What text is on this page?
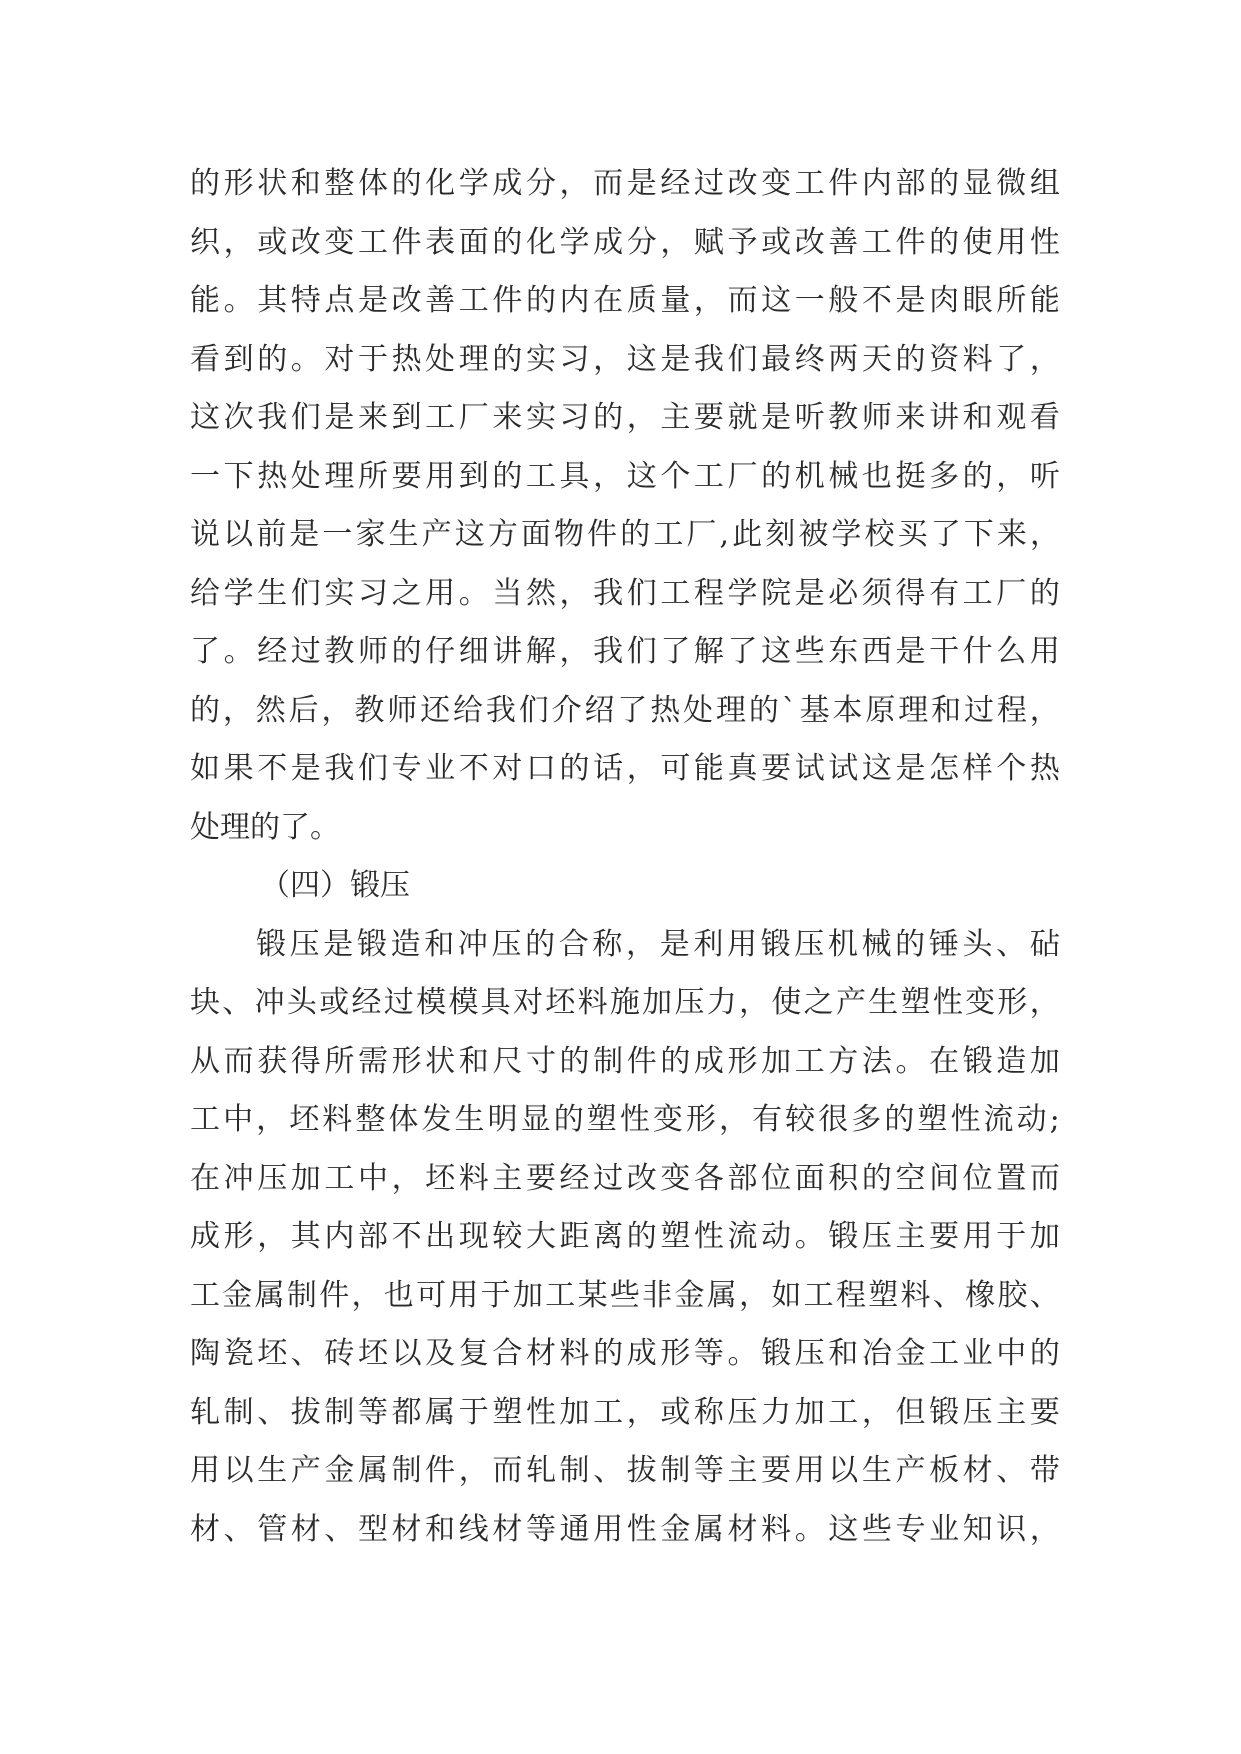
的 形 状 和 整 体 的 化 学 成 分 ， 而 是 经 过 改 变 工 件 内 部 的 显 微 组
织 ， 或 改 变 工 件 表 面 的 化 学 成 分 ， 赋 予 或 改 善 工 件 的 使 用 性
能 。 其 特 点 是 改 善 工 件 的 内 在 质 量 ， 而 这 一 般 不 是 肉 眼 所 能
看 到 的 。 对 于 热 处 理 的 实 习 ， 这 是 我 们 最 终 两 天 的 资 料 了 ，
这 次 我 们 是 来 到 工 厂 来 实 习 的 ， 主 要 就 是 听 教 师 来 讲 和 观 看
一 下 热 处 理 所 要 用 到 的 工 具 ， 这 个 工 厂 的 机 械 也 挺 多 的 ， 听
说 以 前 是 一 家 生 产 这 方 面 物 件 的 工 厂 , 此 刻 被 学 校 买 了 下 来 ，
给 学 生 们 实 习 之 用 。 当 然 ， 我 们 工 程 学 院 是 必 须 得 有 工 厂 的
了 。 经 过 教 师 的 仔 细 讲 解 ， 我 们 了 解 了 这 些 东 西 是 干 什 么 用
的 ， 然 后 ， 教 师 还 给 我 们 介 绍 了 热 处 理 的 ` 基 本 原 理 和 过 程 ，
如 果 不 是 我 们 专 业 不 对 口 的 话 ， 可 能 真 要 试 试 这 是 怎 样 个 热
处 理 的 了 。
（ 四 ） 锻 压
锻 压 是 锻 造 和 冲 压 的 合 称 ， 是 利 用 锻 压 机 械 的 锤 头 、 砧
块 、 冲 头 或 经 过 模 模 具 对 坯 料 施 加 压 力 ， 使 之 产 生 塑 性 变 形 ，
从 而 获 得 所 需 形 状 和 尺 寸 的 制 件 的 成 形 加 工 方 法 。 在 锻 造 加
工 中 ， 坯 料 整 体 发 生 明 显 的 塑 性 变 形 ， 有 较 很 多 的 塑 性 流 动 ;
在 冲 压 加 工 中 ， 坯 料 主 要 经 过 改 变 各 部 位 面 积 的 空 间 位 置 而
成 形 ， 其 内 部 不 出 现 较 大 距 离 的 塑 性 流 动 。 锻 压 主 要 用 于 加
工 金 属 制 件 ， 也 可 用 于 加 工 某 些 非 金 属 ， 如 工 程 塑 料 、 橡 胶 、
陶 瓷 坯 、 砖 坯 以 及 复 合 材 料 的 成 形 等 。 锻 压 和 冶 金 工 业 中 的
轧 制 、 拔 制 等 都 属 于 塑 性 加 工 ， 或 称 压 力 加 工 ， 但 锻 压 主 要
用 以 生 产 金 属 制 件 ， 而 轧 制 、 拔 制 等 主 要 用 以 生 产 板 材 、 带
材 、 管 材 、 型 材 和 线 材 等 通 用 性 金 属 材 料 。 这 些 专 业 知 识 ，
